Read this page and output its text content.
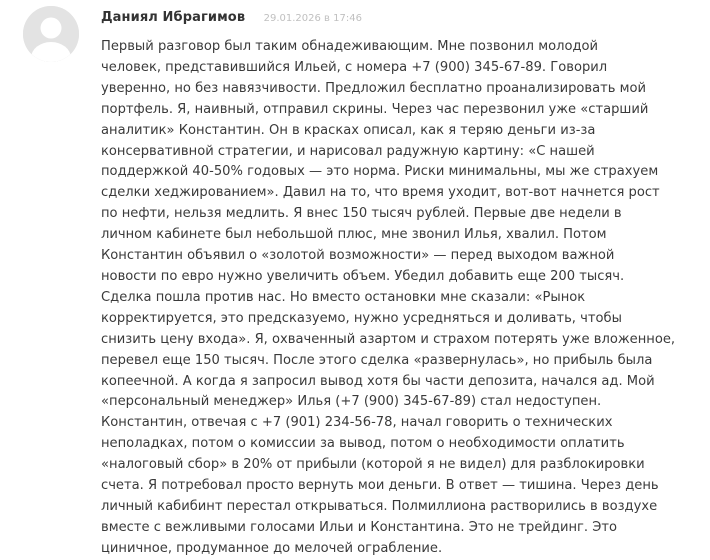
Даниял Ибрагимов 29.01.2026 в 17:46
Первый разговор был таким обнадеживающим. Мне позвонил молодой
человек, представившийся Ильей, с номера +7 (900) 345-67-89. Говорил
уверенно, но без навязчивости. Предложил бесплатно проанализировать мой
портфель. Я, наивный, отправил скрины. Через час перезвонил уже «старший
аналитик» Константин. Он в красках описал, как я теряю деньги из-за
консервативной стратегии, и нарисовал радужную картину: «С нашей
поддержкой 40-50% годовых — это норма. Риски минимальны, мы же страхуем
сделки хеджированием». Давил на то, что время уходит, вот-вот начнется рост
по нефти, нельзя медлить. Я внес 150 тысяч рублей. Первые две недели в
личном кабинете был небольшой плюс, мне звонил Илья, хвалил. Потом
Константин объявил о «золотой возможности» — перед выходом важной
новости по евро нужно увеличить объем. Убедил добавить еще 200 тысяч.
Сделка пошла против нас. Но вместо остановки мне сказали: «Рынок
корректируется, это предсказуемо, нужно усредняться и доливать, чтобы
снизить цену входа». Я, охваченный азартом и страхом потерять уже вложенное,
перевел еще 150 тысяч. После этого сделка «развернулась», но прибыль была
копеечной. А когда я запросил вывод хотя бы части депозита, начался ад. Мой
«персональный менеджер» Илья (+7 (900) 345-67-89) стал недоступен.
Константин, отвечая с +7 (901) 234-56-78, начал говорить о технических
неполадках, потом о комиссии за вывод, потом о необходимости оплатить
«налоговый сбор» в 20% от прибыли (которой я не видел) для разблокировки
счета. Я потребовал просто вернуть мои деньги. В ответ — тишина. Через день
личный кабибинт перестал открываться. Полмиллиона растворились в воздухе
вместе с вежливыми голосами Ильи и Константина. Это не трейдинг. Это
циничное, продуманное до мелочей ограбление.
